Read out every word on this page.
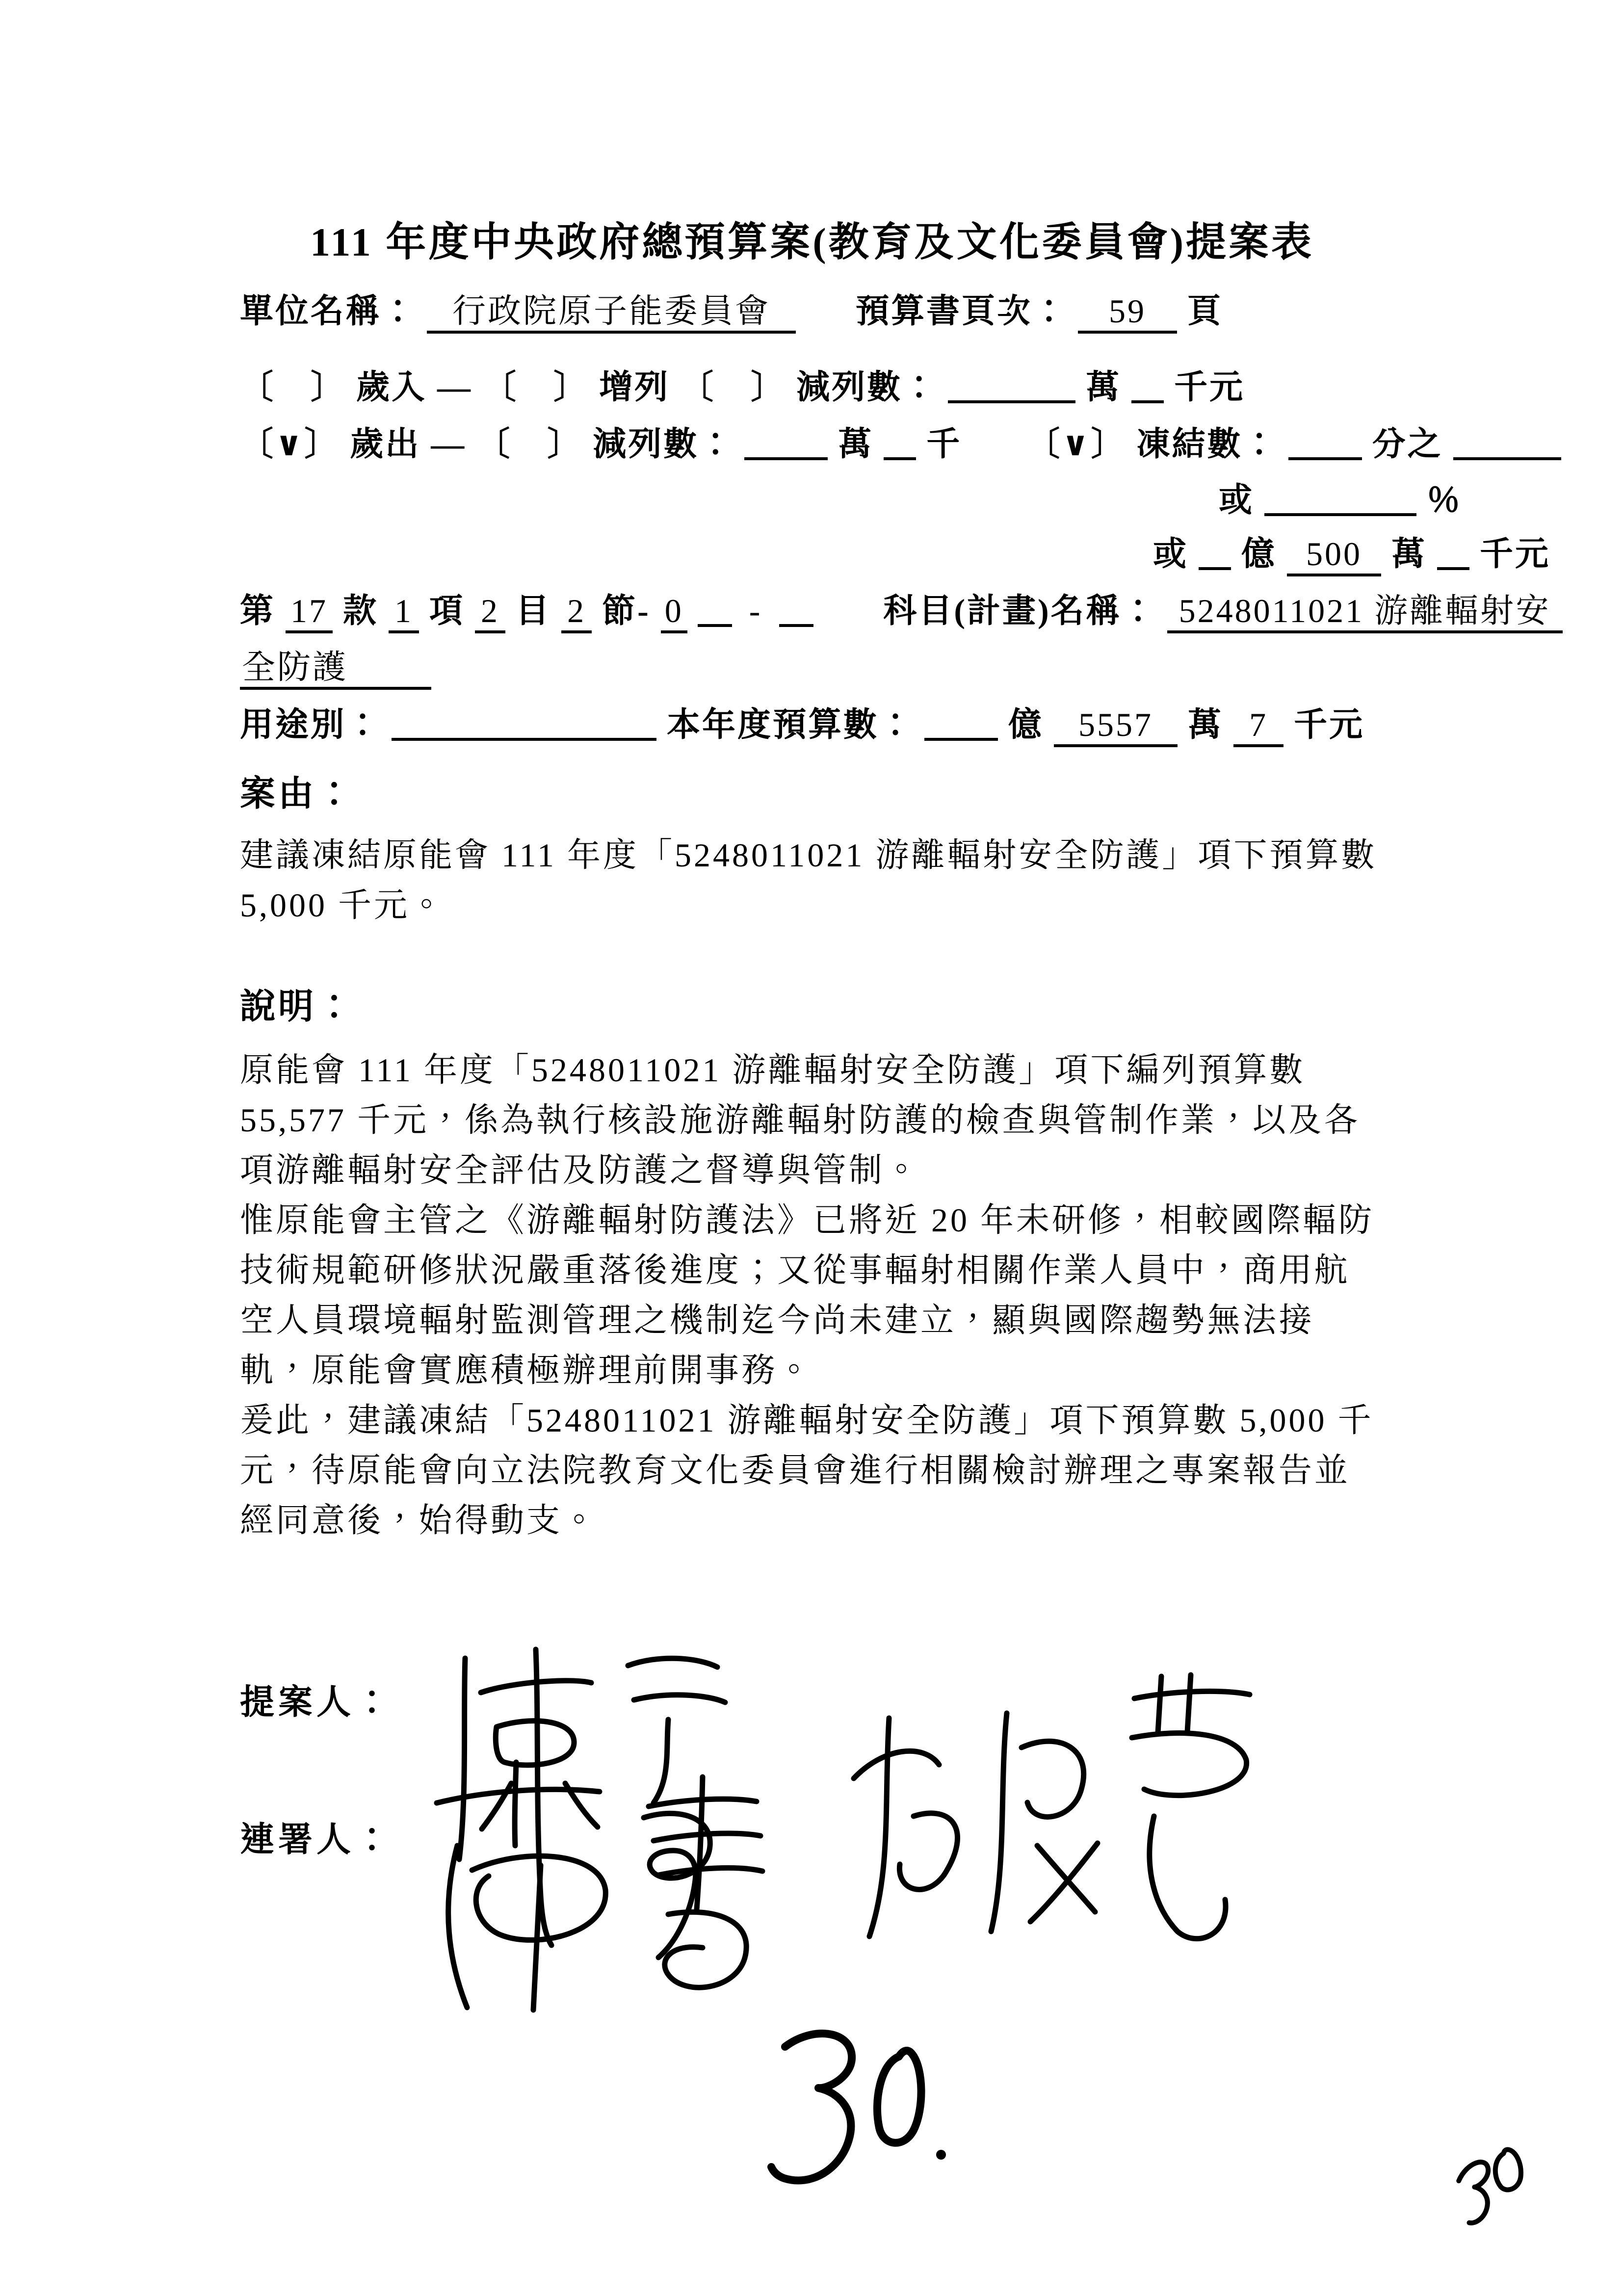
111 年度中央政府總預算案(教育及文化委員會)提案表
單位名稱： 行政院原子能委員會	預算書頁次： 59 頁
〔　〕 歲入 — 〔　〕 增列 〔　〕 減列數：	萬 千元
〔∨〕 歲出 — 〔　〕 減列數：	萬 千 〔∨〕 凍結數：	分之
或	％
或 億 500 萬 千元
第 17 款 1 項 2 目 2 節- 0 -	科目(計畫)名稱： 5248011021 游離輻射安
全防護
用途別：	本年度預算數：	億 5557 萬 7 千元
案由：
建議凍結原能會 111 年度「5248011021 游離輻射安全防護」項下預算數
5,000 千元。
說明：
原能會 111 年度「5248011021 游離輻射安全防護」項下編列預算數
55,577 千元，係為執行核設施游離輻射防護的檢查與管制作業，以及各
項游離輻射安全評估及防護之督導與管制。
惟原能會主管之《游離輻射防護法》已將近 20 年未研修，相較國際輻防
技術規範研修狀況嚴重落後進度；又從事輻射相關作業人員中，商用航
空人員環境輻射監測管理之機制迄今尚未建立，顯與國際趨勢無法接
軌，原能會實應積極辦理前開事務。
爰此，建議凍結「5248011021 游離輻射安全防護」項下預算數 5,000 千
元，待原能會向立法院教育文化委員會進行相關檢討辦理之專案報告並
經同意後，始得動支。
提案人：
連署人：
